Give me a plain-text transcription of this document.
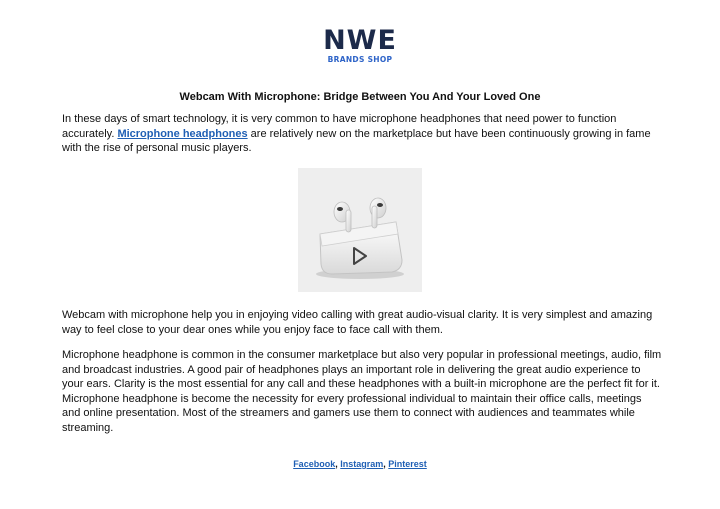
NWE
BRANDS SHOP
Webcam With Microphone: Bridge Between You And Your Loved One

In these days of smart technology, it is very common to have microphone headphones that need power to function accurately. Microphone headphones are relatively new on the marketplace but have been continuously growing in fame with the rise of personal music players.

Webcam with microphone help you in enjoying video calling with great audio-visual clarity. It is very simplest and amazing way to feel close to your dear ones while you enjoy face to face call with them.

Microphone headphone is common in the consumer marketplace but also very popular in professional meetings, audio, film and broadcast industries. A good pair of headphones plays an important role in delivering the great audio experience to your ears. Clarity is the most essential for any call and these headphones with a built-in microphone are the perfect fit for it. Microphone headphone is become the necessity for every professional individual to maintain their office calls, meetings and online presentation. Most of the streamers and gamers use them to connect with audiences and teammates while streaming.

Facebook, Instagram, Pinterest
